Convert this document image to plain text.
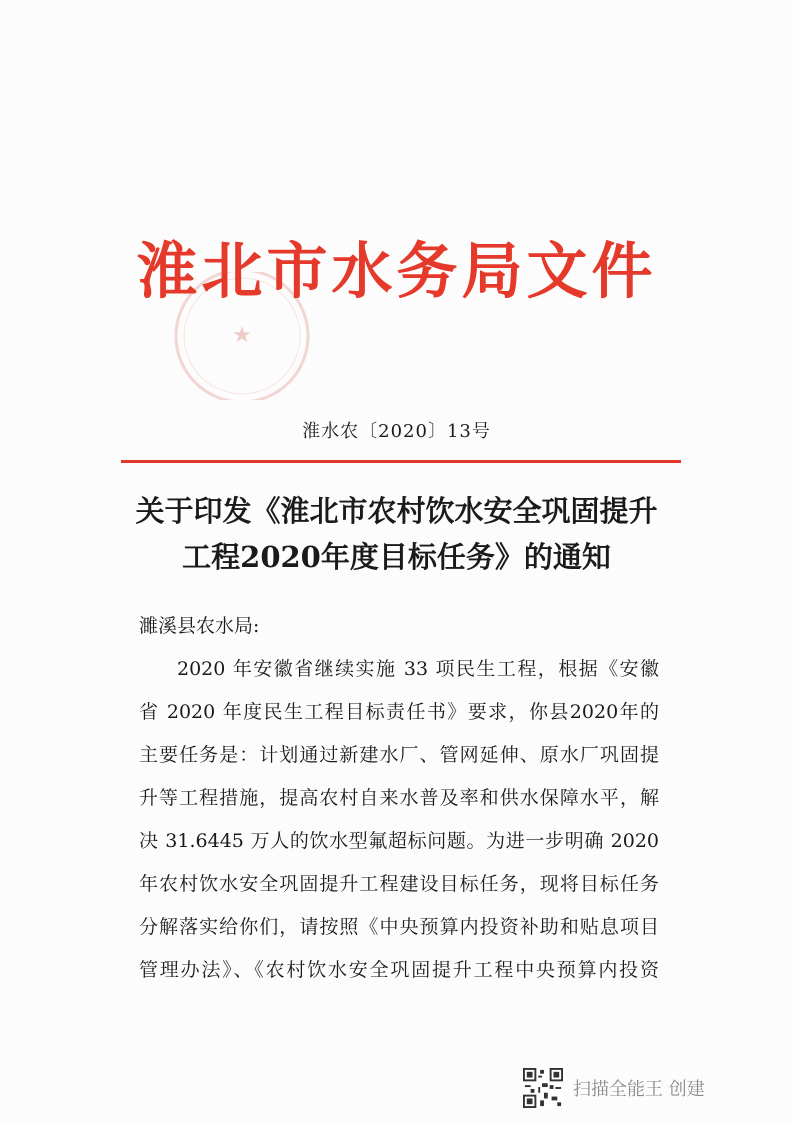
★
淮北市水务局文件
淮水农〔2020〕13号
关于印发《淮北市农村饮水安全巩固提升
工程2020年度目标任务》的通知
濉溪县农水局:
2020 年安徽省继续实施 33 项民生工程，根据《安徽
省 2020 年度民生工程目标责任书》要求，你县2020年的
主要任务是：计划通过新建水厂、管网延伸、原水厂巩固提
升等工程措施，提高农村自来水普及率和供水保障水平，解
决 31.6445 万人的饮水型氟超标问题。为进一步明确 2020
年农村饮水安全巩固提升工程建设目标任务，现将目标任务
分解落实给你们，请按照《中央预算内投资补助和贴息项目
管理办法》、《农村饮水安全巩固提升工程中央预算内投资
扫描全能王 创建
